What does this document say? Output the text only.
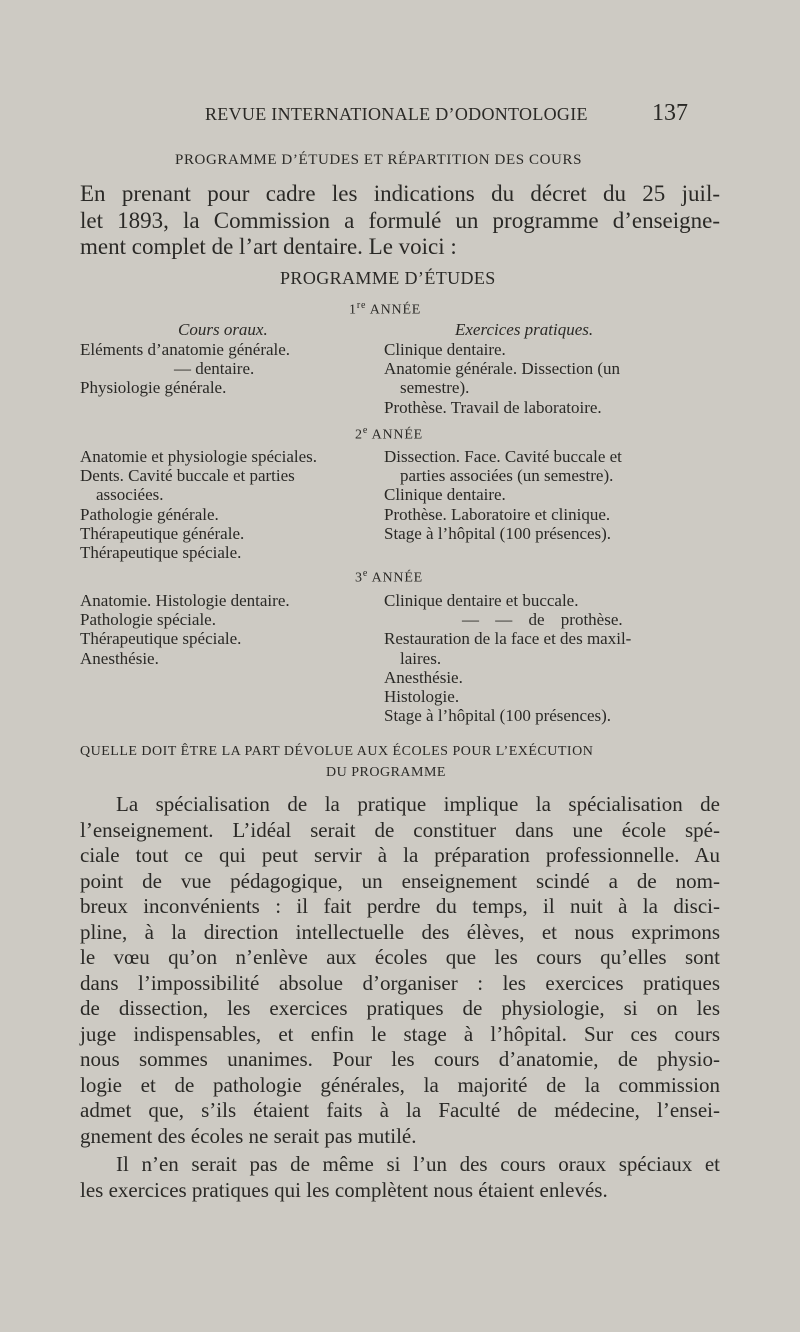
REVUE INTERNATIONALE D’ODONTOLOGIE	137
PROGRAMME D’ÉTUDES ET RÉPARTITION DES COURS
En prenant pour cadre les indications du décret du 25 juil-
let 1893, la Commission a formulé un programme d’enseigne-
ment complet de l’art dentaire. Le voici :
PROGRAMME D’ÉTUDES
1re ANNÉE
Cours oraux.	Exercices pratiques.
Eléments d’anatomie générale.
— dentaire.
Physiologie générale.
Clinique dentaire.
Anatomie générale. Dissection (un
semestre).
Prothèse. Travail de laboratoire.
2e ANNÉE
Anatomie et physiologie spéciales.
Dents. Cavité buccale et parties
associées.
Pathologie générale.
Thérapeutique générale.
Thérapeutique spéciale.
Dissection. Face. Cavité buccale et
parties associées (un semestre).
Clinique dentaire.
Prothèse. Laboratoire et clinique.
Stage à l’hôpital (100 présences).
3e ANNÉE
Anatomie. Histologie dentaire.
Pathologie spéciale.
Thérapeutique spéciale.
Anesthésie.
Clinique dentaire et buccale.
— — de prothèse.
Restauration de la face et des maxil-
laires.
Anesthésie.
Histologie.
Stage à l’hôpital (100 présences).
QUELLE DOIT ÊTRE LA PART DÉVOLUE AUX ÉCOLES POUR L’EXÉCUTION
DU PROGRAMME
La spécialisation de la pratique implique la spécialisation de
l’enseignement. L’idéal serait de constituer dans une école spé-
ciale tout ce qui peut servir à la préparation professionnelle. Au
point de vue pédagogique, un enseignement scindé a de nom-
breux inconvénients : il fait perdre du temps, il nuit à la disci-
pline, à la direction intellectuelle des élèves, et nous exprimons
le vœu qu’on n’enlève aux écoles que les cours qu’elles sont
dans l’impossibilité absolue d’organiser : les exercices pratiques
de dissection, les exercices pratiques de physiologie, si on les
juge indispensables, et enfin le stage à l’hôpital. Sur ces cours
nous sommes unanimes. Pour les cours d’anatomie, de physio-
logie et de pathologie générales, la majorité de la commission
admet que, s’ils étaient faits à la Faculté de médecine, l’ensei-
gnement des écoles ne serait pas mutilé.
Il n’en serait pas de même si l’un des cours oraux spéciaux et
les exercices pratiques qui les complètent nous étaient enlevés.
